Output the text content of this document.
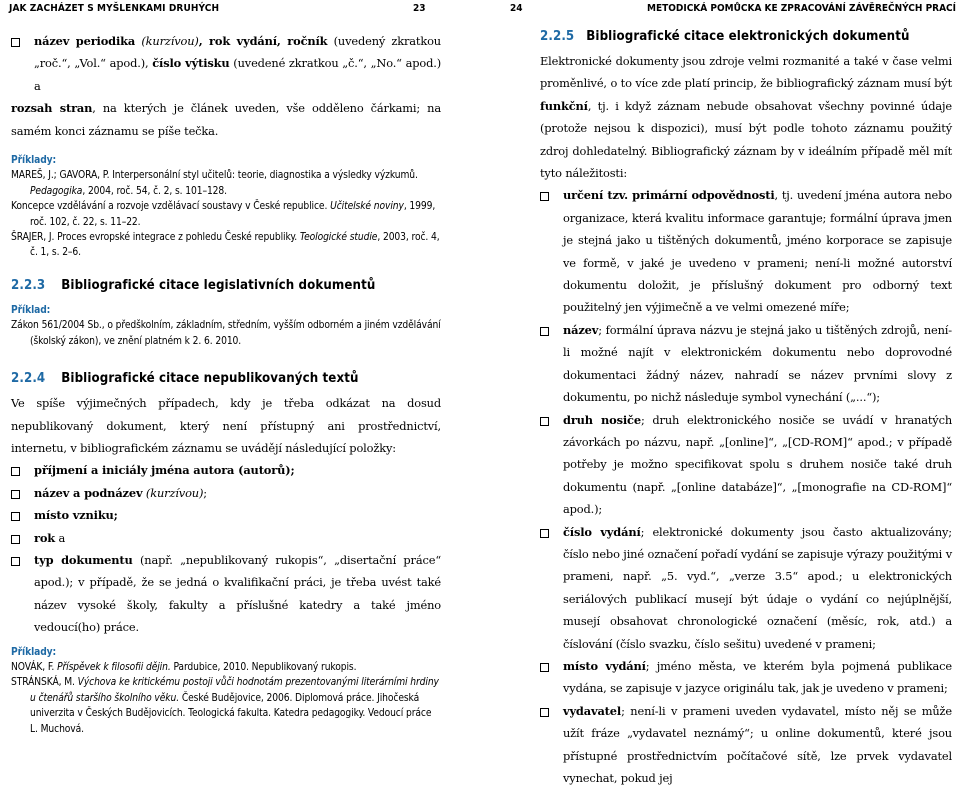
JAK ZACHÁZET S MYŠLENKAMI DRUHÝCH	23
název periodika (kurzívou), rok vydání, ročník (uvedený zkratkou „roč.“, „Vol.“ apod.), číslo výtisku (uvedené zkratkou „č.“, „No.“ apod.) a

rozsah stran, na kterých je článek uveden, vše odděleno čárkami; na samém konci záznamu se píše tečka.

Příklady:
MAREŠ, J.; GAVORA, P. Interpersonální styl učitelů: teorie, diagnostika a výsledky výzkumů. Pedagogika, 2004, roč. 54, č. 2, s. 101–128.
Koncepce vzdělávání a rozvoje vzdělávací soustavy v České republice. Učitelské noviny, 1999, roč. 102, č. 22, s. 11–22.
ŠRAJER, J. Proces evropské integrace z pohledu České republiky. Teologické studie, 2003, roč. 4, č. 1, s. 2–6.
2.2.3 Bibliografické citace legislativních dokumentů
Příklad:
Zákon 561/2004 Sb., o předškolním, základním, středním, vyšším odborném a jiném vzdělávání (školský zákon), ve znění platném k 2. 6. 2010.
2.2.4 Bibliografické citace nepublikovaných textů

Ve spíše výjimečných případech, kdy je třeba odkázat na dosud nepublikovaný dokument, který není přístupný ani prostřednictví, internetu, v bibliografickém záznamu se uvádějí následující položky:

příjmení a iniciály jména autora (autorů);
název a podnázev (kurzívou);
místo vzniku;
rok a
typ dokumentu (např. „nepublikovaný rukopis“, „disertační práce“ apod.); v případě, že se jedná o kvalifikační práci, je třeba uvést také název vysoké školy, fakulty a příslušné katedry a také jméno vedoucí(ho) práce.
Příklady:
NOVÁK, F. Příspěvek k filosofii dějin. Pardubice, 2010. Nepublikovaný rukopis.
STRÁNSKÁ, M. Výchova ke kritickému postoji vůči hodnotám prezentovanými literárními hrdiny u čtenářů staršího školního věku. České Budějovice, 2006. Diplomová práce. Jihočeská univerzita v Českých Budějovicích. Teologická fakulta. Katedra pedagogiky. Vedoucí práce L. Muchová.
24	METODICKÁ POMŮCKA KE ZPRACOVÁNÍ ZÁVĚREČNÝCH PRACÍ
2.2.5 Bibliografické citace elektronických dokumentů

Elektronické dokumenty jsou zdroje velmi rozmanité a také v čase velmi proměnlivé, o to více zde platí princip, že bibliografický záznam musí být funkční, tj. i když záznam nebude obsahovat všechny povinné údaje (protože nejsou k dispozici), musí být podle tohoto záznamu použitý zdroj dohledatelný. Bibliografický záznam by v ideálním případě měl mít tyto náležitosti:

určení tzv. primární odpovědnosti, tj. uvedení jména autora nebo organizace, která kvalitu informace garantuje; formální úprava jmen je stejná jako u tištěných dokumentů, jméno korporace se zapisuje ve formě, v jaké je uvedeno v prameni; není-li možné autorství dokumentu doložit, je příslušný dokument pro odborný text použitelný jen výjimečně a ve velmi omezené míře;
název; formální úprava názvu je stejná jako u tištěných zdrojů, není-li možné najít v elektronickém dokumentu nebo doprovodné dokumentaci žádný název, nahradí se název prvními slovy z dokumentu, po nichž následuje symbol vynechání („...“);
druh nosiče; druh elektronického nosiče se uvádí v hranatých závorkách po názvu, např. „[online]“, „[CD-ROM]“ apod.; v případě potřeby je možno specifikovat spolu s druhem nosiče také druh dokumentu (např. „[online databáze]“, „[monografie na CD-ROM]“ apod.);
číslo vydání; elektronické dokumenty jsou často aktualizovány; číslo nebo jiné označení pořadí vydání se zapisuje výrazy použitými v prameni, např. „5. vyd.“, „verze 3.5“ apod.; u elektronických seriálových publikací musejí být údaje o vydání co nejúplnější, musejí obsahovat chronologické označení (měsíc, rok, atd.) a číslování (číslo svazku, číslo sešitu) uvedené v prameni;
místo vydání; jméno města, ve kterém byla pojmená publikace vydána, se zapisuje v jazyce originálu tak, jak je uvedeno v prameni;
vydavatel; není-li v prameni uveden vydavatel, místo něj se může užít fráze „vydavatel neznámý“; u online dokumentů, které jsou přístupné prostřednictvím počítačové sítě, lze prvek vydavatel vynechat, pokud jej
